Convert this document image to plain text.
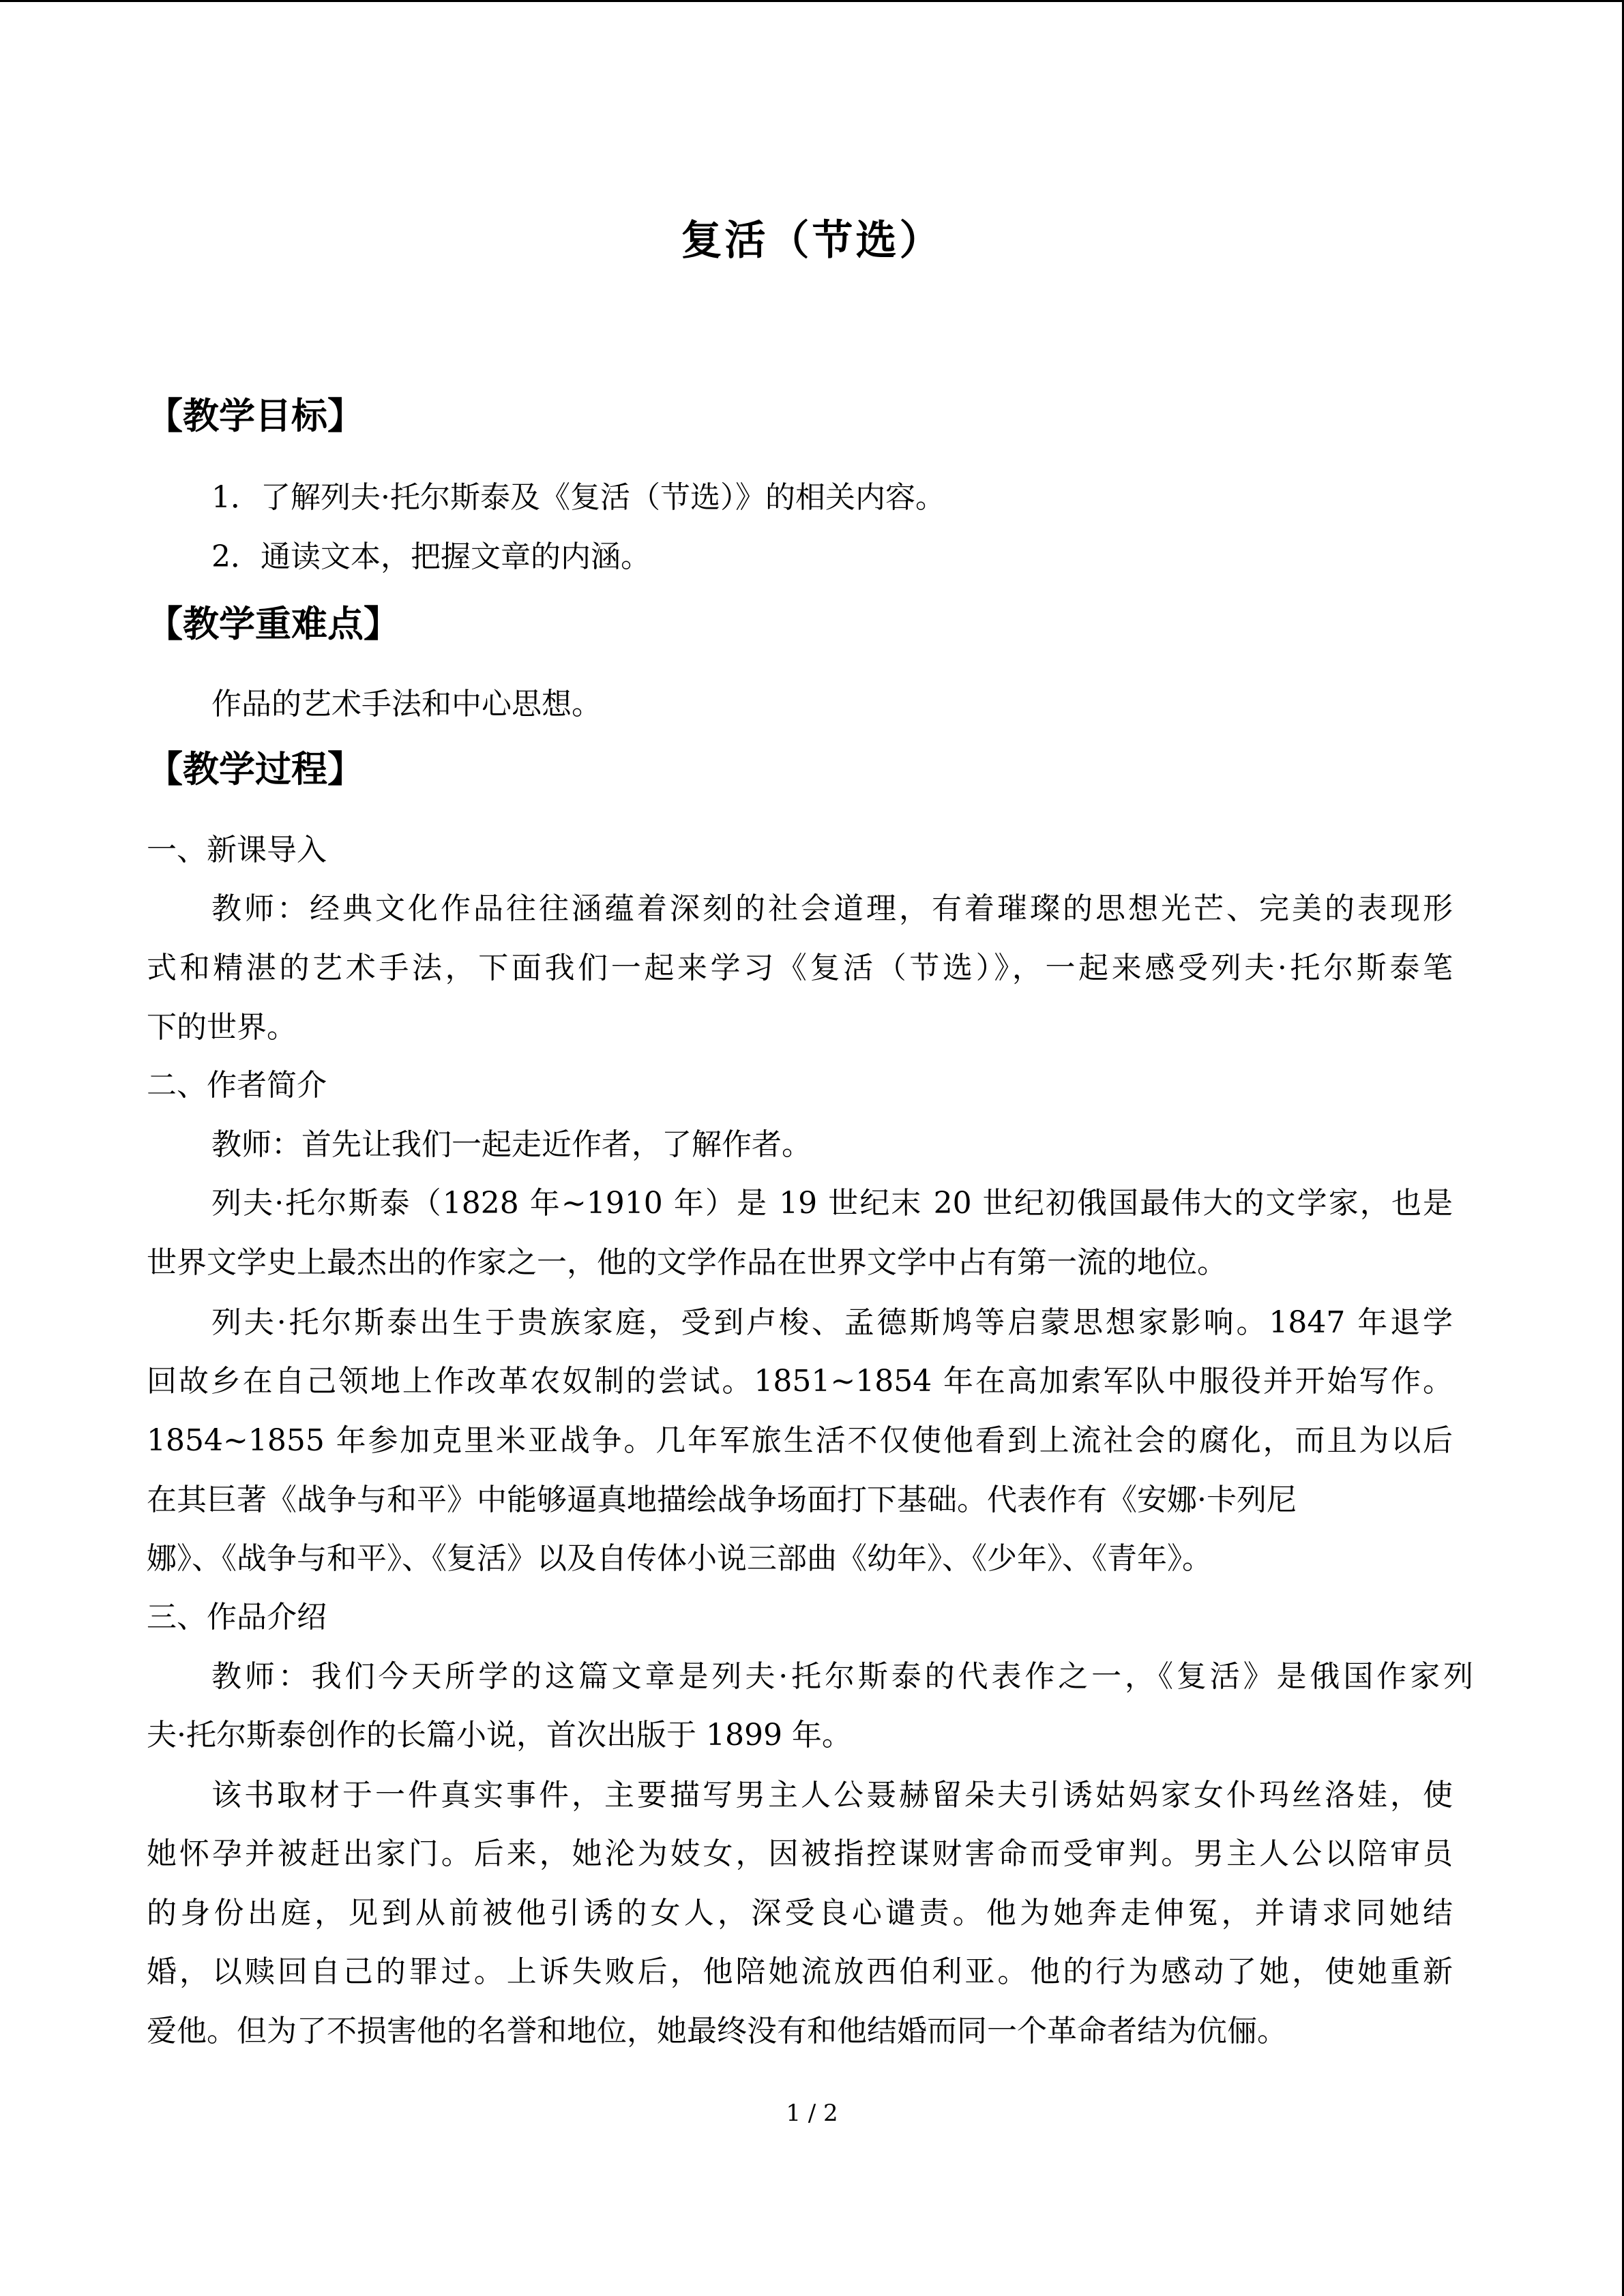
复活（节选）
【教学目标】
1．了解列夫·托尔斯泰及《复活（节选）》的相关内容。
2．通读文本，把握文章的内涵。
【教学重难点】
作品的艺术手法和中心思想。
【教学过程】
一、新课导入
教师：经典文化作品往往涵蕴着深刻的社会道理，有着璀璨的思想光芒、完美的表现形
式和精湛的艺术手法，下面我们一起来学习《复活（节选）》，一起来感受列夫·托尔斯泰笔
下的世界。
二、作者简介
教师：首先让我们一起走近作者，了解作者。
列夫·托尔斯泰（1828 年~1910 年）是 19 世纪末 20 世纪初俄国最伟大的文学家，也是
世界文学史上最杰出的作家之一，他的文学作品在世界文学中占有第一流的地位。
列夫·托尔斯泰出生于贵族家庭，受到卢梭、孟德斯鸠等启蒙思想家影响。1847 年退学
回故乡在自己领地上作改革农奴制的尝试。1851~1854 年在高加索军队中服役并开始写作。
1854~1855 年参加克里米亚战争。几年军旅生活不仅使他看到上流社会的腐化，而且为以后
在其巨著《战争与和平》中能够逼真地描绘战争场面打下基础。代表作有《安娜·卡列尼
娜》、《战争与和平》、《复活》以及自传体小说三部曲《幼年》、《少年》、《青年》。
三、作品介绍
教师：我们今天所学的这篇文章是列夫·托尔斯泰的代表作之一，《复活》是俄国作家列
夫·托尔斯泰创作的长篇小说，首次出版于 1899 年。
该书取材于一件真实事件，主要描写男主人公聂赫留朵夫引诱姑妈家女仆玛丝洛娃，使
她怀孕并被赶出家门。后来，她沦为妓女，因被指控谋财害命而受审判。男主人公以陪审员
的身份出庭，见到从前被他引诱的女人，深受良心谴责。他为她奔走伸冤，并请求同她结
婚，以赎回自己的罪过。上诉失败后，他陪她流放西伯利亚。他的行为感动了她，使她重新
爱他。但为了不损害他的名誉和地位，她最终没有和他结婚而同一个革命者结为伉俪。
1 / 2
